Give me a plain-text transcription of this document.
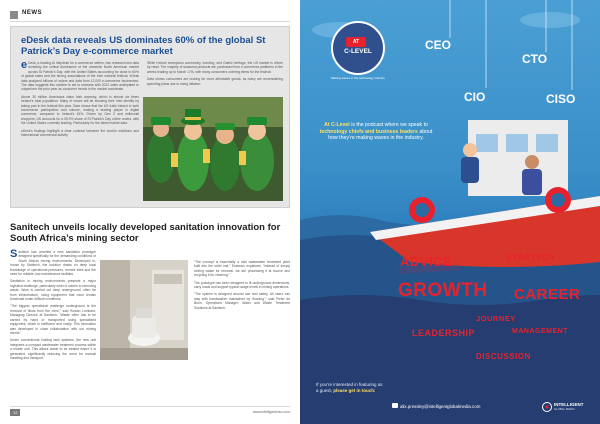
NEWS
eDesk data reveals US dominates 60% of the global St Patrick’s Day e-commerce market

e Desk, a leading AI helpdesk for e-commerce sellers, has released new data revealing the critical dominance of the domestic North American market across St Patrick’s Day, with the United States accounting for close to 60% of global sales and the strong associations of the Irish national festival. eDesk data analysed billions of orders and data from 12,000 e-commerce businesses. The data suggests this number is set to increase with 2022 sales anticipated to outperform the prior year as consumer trends in the market accelerate.

Above 30 million Americans claim Irish ancestry, which is almost six times Ireland’s total population. Many of whom will be showing their Irish identity by taking part in the festival this year. Data shows that the US trails Ireland in both ecommerce participation and volume, making a leading player in digital commerce, compared to Ireland’s 45%. Driven by Gen Z and millennial shoppers, US accounts for a 59.9% share of St Patrick’s Day online orders, with the United States currently leading. Particularly for the latest market data.

eDesk’s findings highlight a clear contrast between the world’s traditions and international commercial activity.

While Ireland champions community, bonding, and Gaelic heritage, the US market is driven by retail. The majority of seasonal products are purchased from e-commerce platforms in the weeks leading up to March 17th, with many consumers ordering items for the festival.

Data shows consumers are looking for more affordable goods, as many are reconsidering spending plans due to rising inflation.

Sanitech unveils locally developed sanitation innovation for South Africa’s mining sector

Sanitech has unveiled a new sanitation prototype designed specifically for the demanding conditions of South African mining environments. Developed in-house by Sanitech, the solution draws on deep local knowledge of operational pressures, remote sites and the need for reliable, low-maintenance facilities.

Sanitation in mining environments presents a major logistical challenge, particularly when it comes to removing waste. Work is carried out deep underground, often far from infrastructure, using equipment that must remain functional under difficult conditions.

“The biggest operational challenge underground is the removal of fluids from the mine,” said Rowan Lombard, Managing Director at Sanitech. “Waste often has to be carried by hand or transported using specialised equipment, which is inefficient and costly. This innovation was developed in close collaboration with our mining clients.”

Under conventional holding tank systems, the new unit integrates a compact wastewater treatment process within a mobile unit. This allows waste to be treated where it is generated, significantly reducing the need for manual handling and transport.

“The concept is essentially a mini wastewater treatment plant built into the toilet unit,” Erasmus explained. “Instead of simply storing waste for removal, we are processing it at source and recycling it for cleaning.”

The prototype has been designed to fit underground dimensions, carry loads and support typical usage levels in mining operations.

“The system is designed around use and safety. All users can stay with handwasher maintained by ‘flushing’,” said Pieter de Bruin, Operations Manager: Water and Waste Treatment Solutions at Sanitech.

12	www.intelligentciso.com
AT
C-LEVEL
Making waves in the technology industry
CEO
CTO
CIO	CISO
At C-Level is the podcast where we speak to technology chiefs and business leaders about how they’re making waves in the industry.
ADVICE	STRATEGY
GROWTH CAREER
JOURNEY
LEADERSHIP	MANAGEMENT
DISCUSSION
If you’re interested in featuring as
a guest, please get in touch:
alix.pressley@intelligentglobalmedia.com	INTELLIGENT
GLOBAL MEDIA
